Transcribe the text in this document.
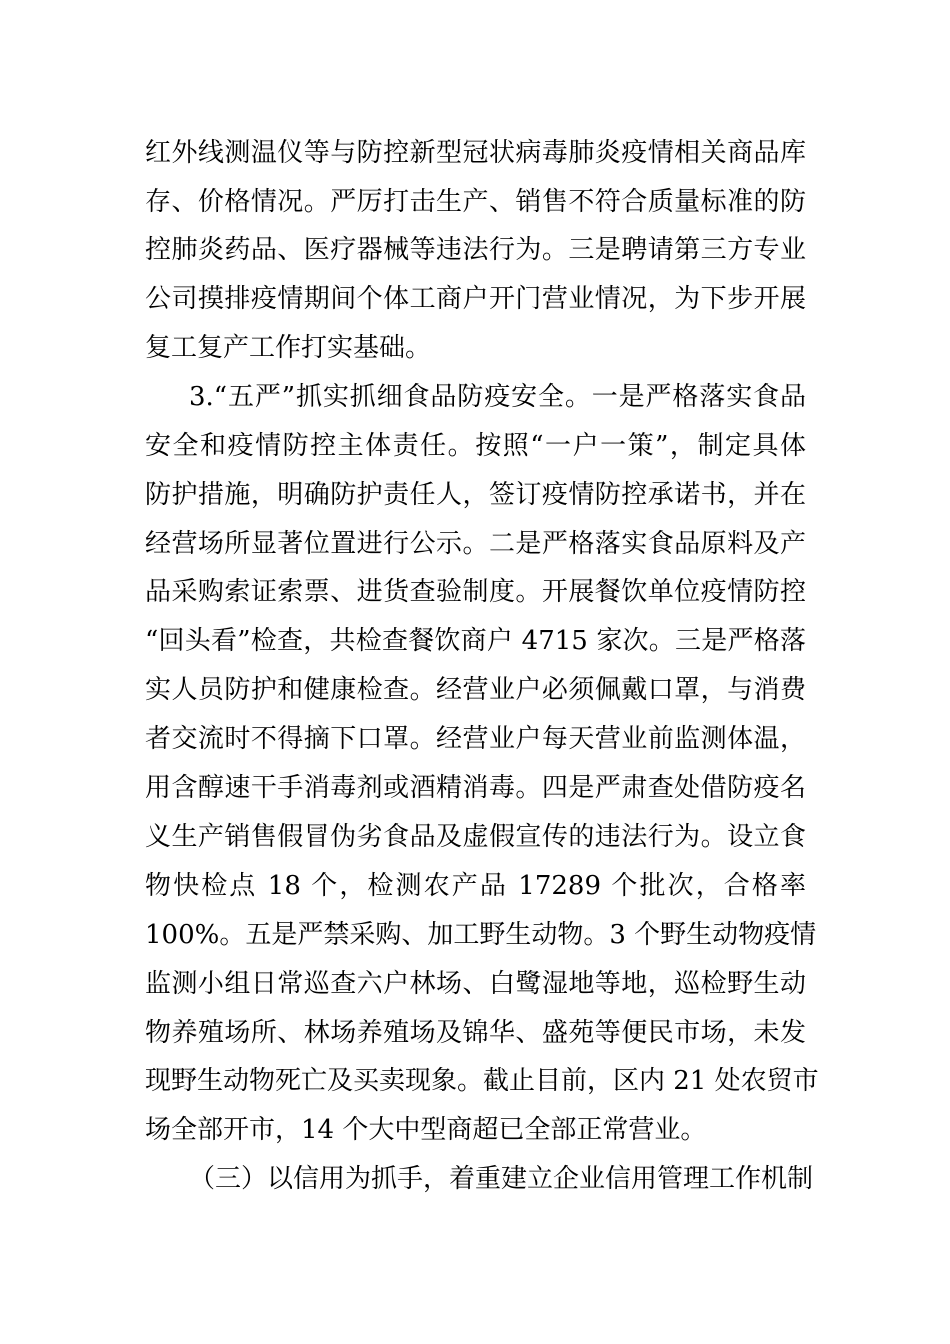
红外线测温仪等与防控新型冠状病毒肺炎疫情相关商品库
存、价格情况。严厉打击生产、销售不符合质量标准的防
控肺炎药品、医疗器械等违法行为。三是聘请第三方专业
公司摸排疫情期间个体工商户开门营业情况，为下步开展
复工复产工作打实基础。
3.“五严”抓实抓细食品防疫安全。一是严格落实食品
安全和疫情防控主体责任。按照“一户一策”，制定具体
防护措施，明确防护责任人，签订疫情防控承诺书，并在
经营场所显著位置进行公示。二是严格落实食品原料及产
品采购索证索票、进货查验制度。开展餐饮单位疫情防控
“回头看”检查，共检查餐饮商户 4715 家次。三是严格落
实人员防护和健康检查。经营业户必须佩戴口罩，与消费
者交流时不得摘下口罩。经营业户每天营业前监测体温，
用含醇速干手消毒剂或酒精消毒。四是严肃查处借防疫名
义生产销售假冒伪劣食品及虚假宣传的违法行为。设立食
物快检点 18 个，检测农产品 17289 个批次，合格率
100%。五是严禁采购、加工野生动物。3 个野生动物疫情
监测小组日常巡查六户林场、白鹭湿地等地，巡检野生动
物养殖场所、林场养殖场及锦华、盛苑等便民市场，未发
现野生动物死亡及买卖现象。截止目前，区内 21 处农贸市
场全部开市，14 个大中型商超已全部正常营业。
（三）以信用为抓手，着重建立企业信用管理工作机制
